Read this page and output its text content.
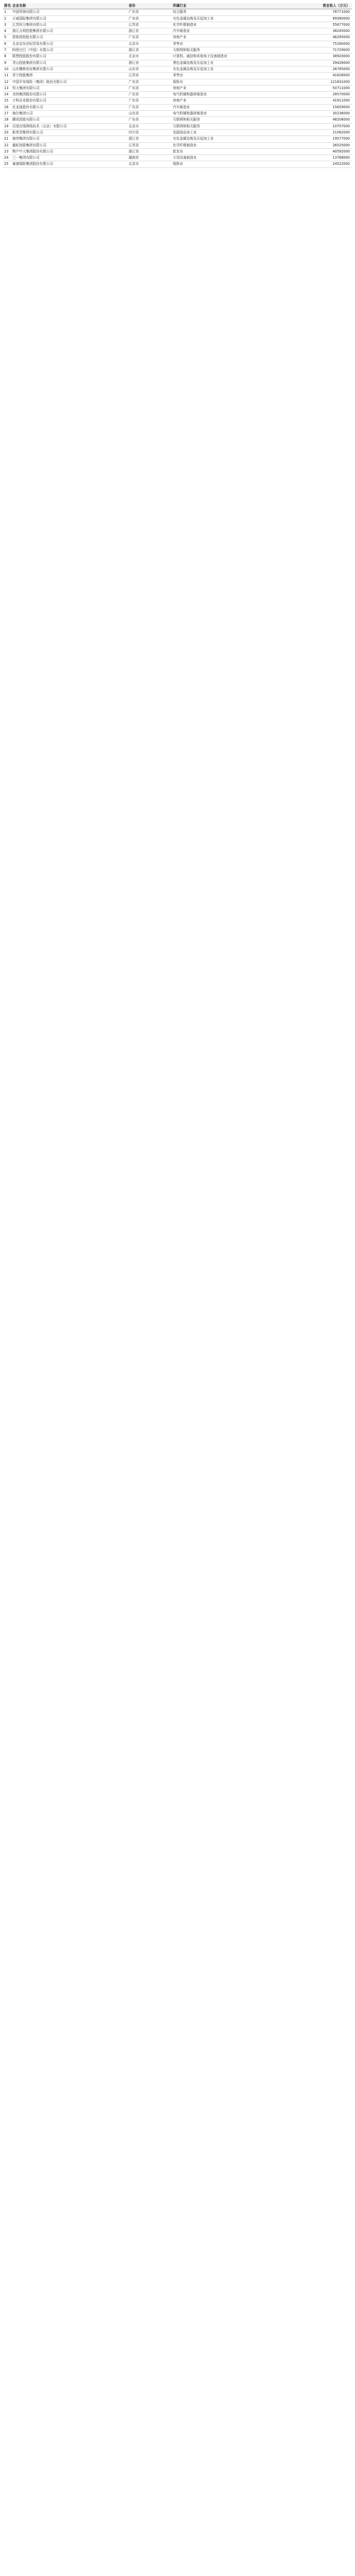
排名 企业名称	省份	所属行业	营业收入（万元）
1	中国华润有限公司	广东省	综合服务	76771000
2	正威国际集团有限公司	广东省	有色金属冶炼及压延加工业	69380000
3	江苏恒力集团有限公司	江苏省	化学纤维制造业	55677000
4	浙江吉利控股集团有限公司	浙江省	汽车制造业	36245000
5	碧桂园控股有限公司	广东省	房地产业	46285000
6	北京京东世纪贸易有限公司	北京市	零售业	75160000
7	阿里巴巴（中国）有限公司	浙江省	互联网和相关服务	71729000
8	联想控股股份有限公司	北京市	计算机、通信和其他电子设备制造业	38920000
9	青山控股集团有限公司	浙江省	黑色金属冶炼及压延加工业	29426000
10	山东魏桥创业集团有限公司	山东省	有色金属冶炼及压延加工业	26785000
11	苏宁控股集团	江苏省	零售业	41626000
12	中国平安保险（集团）股份有限公司	广东省	保险业	121831000
13	恒大集团有限公司	广东省	房地产业	50711000
14	美的集团股份有限公司	广东省	电气机械和器材制造业	28570000
15	万科企业股份有限公司	广东省	房地产业	41911000
16	比亚迪股份有限公司	广东省	汽车制造业	15659000
17	海尔集团公司	山东省	电气机械和器材制造业	30236000
18	腾讯控股有限公司	广东省	互联网和相关服务	48206000
19	百度在线网络技术（北京）有限公司	北京市	互联网和相关服务	10707000
20	新希望集团有限公司	四川省	农副食品加工业	21062000
21	海亮集团有限公司	浙江省	有色金属冶炼及压延加工业	19577000
22	盛虹控股集团有限公司	江苏省	化学纤维制造业	26525000
23	物产中大集团股份有限公司	浙江省	批发业	40592000
24	三一集团有限公司	湖南省	专用设备制造业	13768000
25	泰康保险集团股份有限公司	北京市	保险业	24522000
